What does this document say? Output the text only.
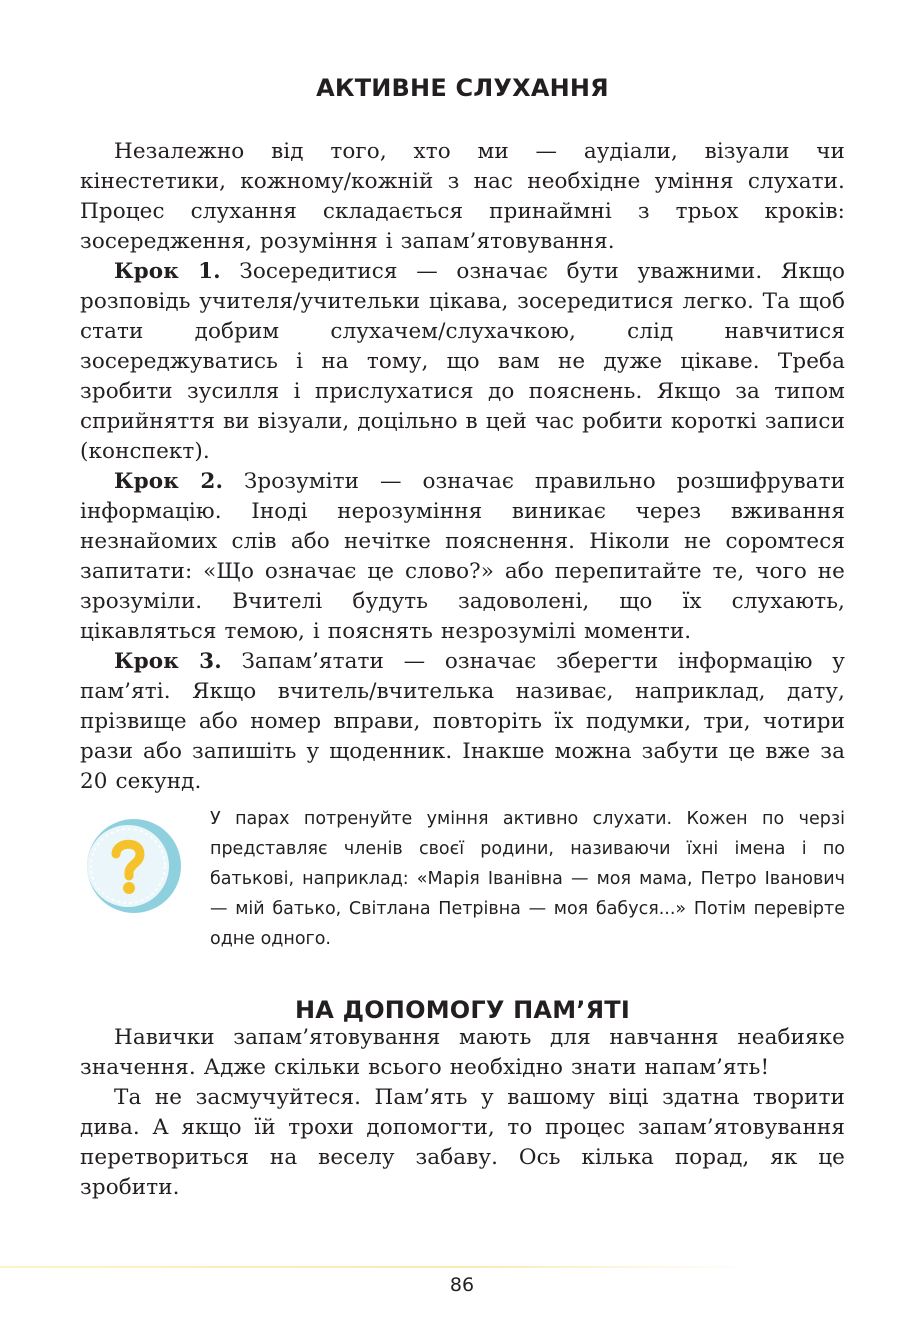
АКТИВНЕ СЛУХАННЯ

Незалежно від того, хто ми — аудіали, візуали чи кінестетики, кожному/кожній з нас необхідне уміння слухати. Процес слухання складається принаймні з трьох кроків: зосередження, розуміння і запам’ятовування.

Крок 1. Зосередитися — означає бути уважними. Якщо розповідь учителя/учительки цікава, зосередитися легко. Та щоб стати добрим слухачем/слухачкою, слід навчитися зосереджуватись і на тому, що вам не дуже цікаве. Треба зробити зусилля і прислухатися до пояснень. Якщо за типом сприйняття ви візуали, доцільно в цей час робити короткі записи (конспект).

Крок 2. Зрозуміти — означає правильно розшифрувати інформацію. Іноді нерозуміння виникає через вживання незнайомих слів або нечітке пояснення. Ніколи не соромтеся запитати: «Що означає це слово?» або перепитайте те, чого не зрозуміли. Вчителі будуть задоволені, що їх слухають, цікавляться темою, і пояснять незрозумілі моменти.

Крок 3. Запам’ятати — означає зберегти інформацію у пам’яті. Якщо вчитель/вчителька називає, наприклад, дату, прізвище або номер вправи, повторіть їх подумки, три, чотири рази або запишіть у щоденник. Інакше можна забути це вже за 20 секунд.

У парах потренуйте уміння активно слухати. Кожен по черзі представляє членів своєї родини, називаючи їхні імена і по батькові, наприклад: «Марія Іванівна — моя мама, Петро Іванович — мій батько, Світлана Петрівна — моя бабуся...» Потім перевірте одне одного.
НА ДОПОМОГУ ПАМ’ЯТІ

Навички запам’ятовування мають для навчання неабияке значення. Адже скільки всього необхідно знати напам’ять!

Та не засмучуйтеся. Пам’ять у вашому віці здатна творити дива. А якщо їй трохи допомогти, то процес запам’ятовування перетвориться на веселу забаву. Ось кілька порад, як це зробити.

86
